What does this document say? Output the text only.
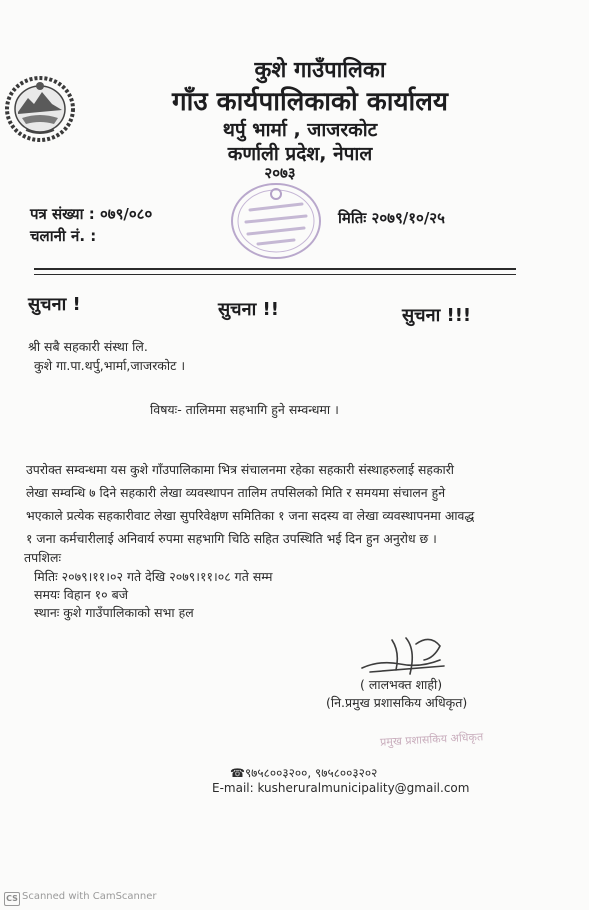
कुशे गाउँपालिका
गाँउ कार्यपालिकाको कार्यालय
थर्पु भार्मा , जाजरकोट
कर्णाली प्रदेश, नेपाल
२०७३
पत्र संख्या : ०७९/०८०
चलानी नं. :
मितिः २०७९/१०/२५
सुचना !	सुचना !!	सुचना !!!
श्री सबै सहकारी संस्था लि.
कुशे गा.पा.थर्पु,भार्मा,जाजरकोट ।
विषयः- तालिममा सहभागि हुने सम्वन्धमा ।
उपरोक्त सम्वन्धमा यस कुशे गाँउपालिकामा भित्र संचालनमा रहेका सहकारी संस्थाहरुलाई सहकारी
लेखा सम्वन्धि ७ दिने सहकारी लेखा व्यवस्थापन तालिम तपसिलको मिति र समयमा संचालन हुने
भएकाले प्रत्येक सहकारीवाट लेखा सुपरिवेक्षण समितिका १ जना सदस्य वा लेखा व्यवस्थापनमा आवद्ध
१ जना कर्मचारीलाई अनिवार्य रुपमा सहभागि चिठि सहित उपस्थिति भई दिन हुन अनुरोध छ ।
तपशिलः
मितिः २०७९।११।०२ गते देखि २०७९।११।०८ गते सम्म
समयः विहान १० बजे
स्थानः कुशे गाउँपालिकाको सभा हल
( लालभक्त शाही)
(नि.प्रमुख प्रशासकिय अधिकृत)
प्रमुख प्रशासकिय अधिकृत
☎९७५८००३२००, ९७५८००३२०२
E-mail: kusheruralmunicipality@gmail.com
CS Scanned with CamScanner
